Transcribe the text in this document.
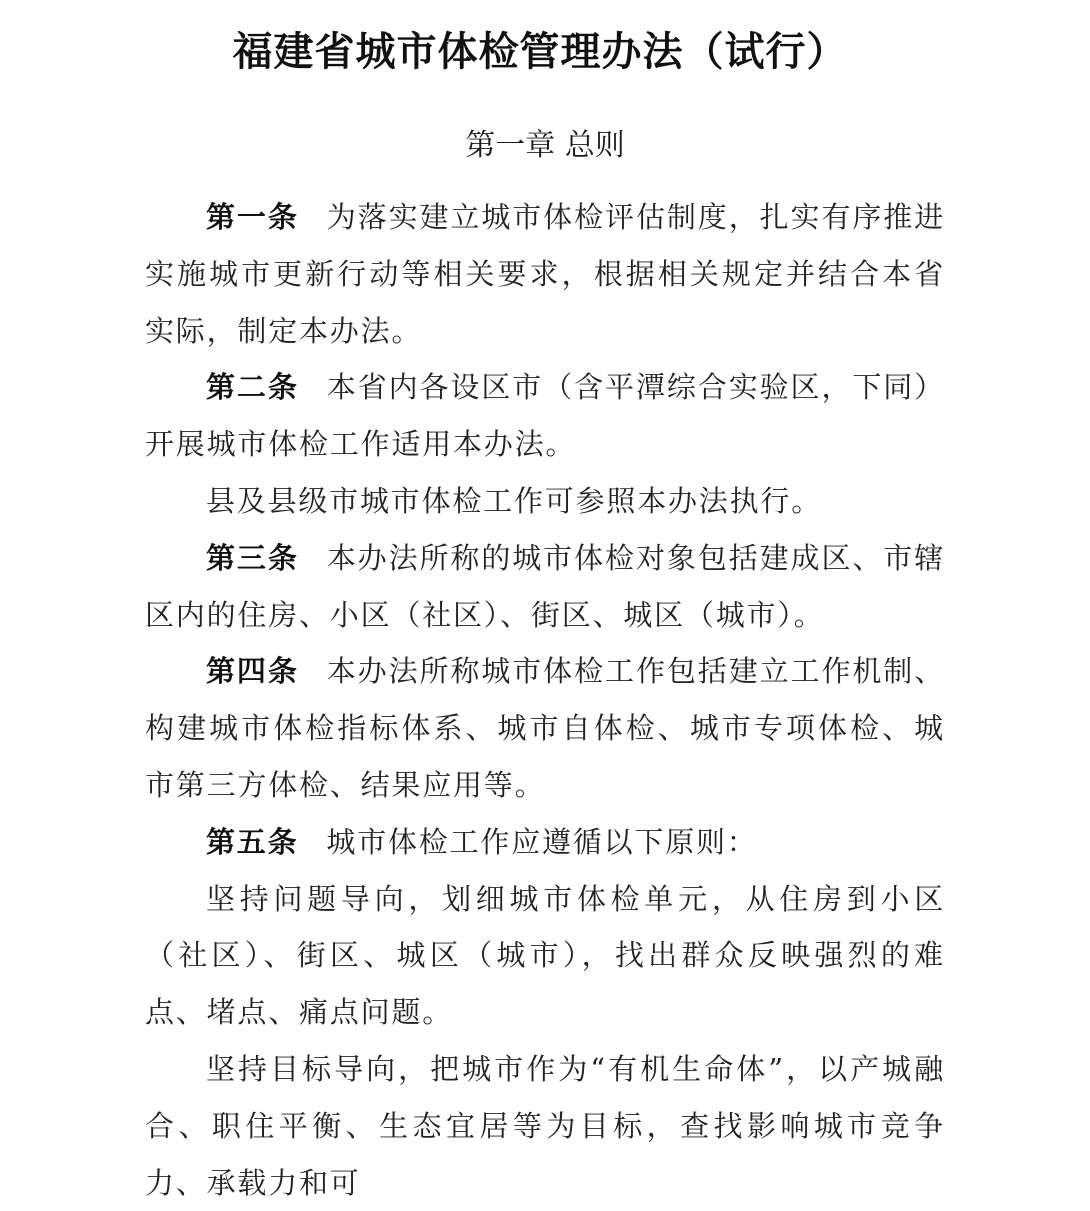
福建省城市体检管理办法（试行）
第一章 总则

第一条 为落实建立城市体检评估制度，扎实有序推进实施城市更新行动等相关要求，根据相关规定并结合本省实际，制定本办法。

第二条 本省内各设区市（含平潭综合实验区，下同）开展城市体检工作适用本办法。

县及县级市城市体检工作可参照本办法执行。

第三条 本办法所称的城市体检对象包括建成区、市辖区内的住房、小区（社区）、街区、城区（城市）。

第四条 本办法所称城市体检工作包括建立工作机制、构建城市体检指标体系、城市自体检、城市专项体检、城市第三方体检、结果应用等。

第五条 城市体检工作应遵循以下原则：

坚持问题导向，划细城市体检单元，从住房到小区（社区）、街区、城区（城市），找出群众反映强烈的难点、堵点、痛点问题。

坚持目标导向，把城市作为“有机生命体”，以产城融合、职住平衡、生态宜居等为目标，查找影响城市竞争力、承载力和可
